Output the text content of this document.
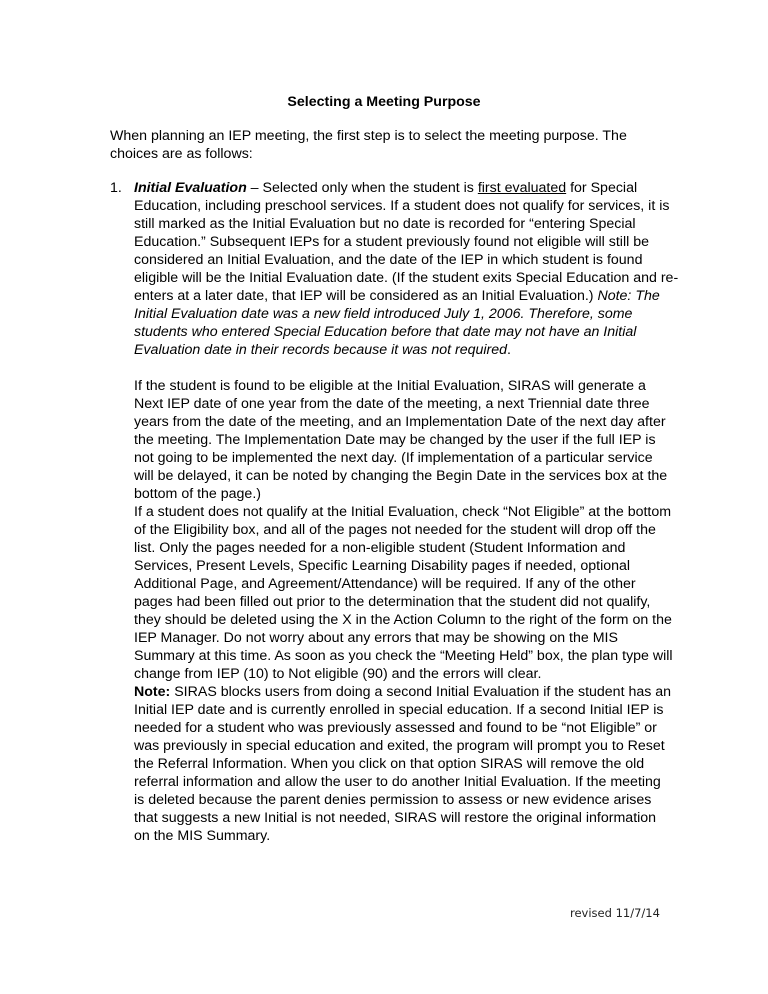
Selecting a Meeting Purpose

When planning an IEP meeting, the first step is to select the meeting purpose. The choices are as follows:

1. Initial Evaluation – Selected only when the student is first evaluated for Special Education, including preschool services. If a student does not qualify for services, it is still marked as the Initial Evaluation but no date is recorded for “entering Special Education.” Subsequent IEPs for a student previously found not eligible will still be considered an Initial Evaluation, and the date of the IEP in which student is found eligible will be the Initial Evaluation date. (If the student exits Special Education and re-enters at a later date, that IEP will be considered as an Initial Evaluation.) Note: The Initial Evaluation date was a new field introduced July 1, 2006. Therefore, some students who entered Special Education before that date may not have an Initial Evaluation date in their records because it was not required.

If the student is found to be eligible at the Initial Evaluation, SIRAS will generate a Next IEP date of one year from the date of the meeting, a next Triennial date three years from the date of the meeting, and an Implementation Date of the next day after the meeting. The Implementation Date may be changed by the user if the full IEP is not going to be implemented the next day. (If implementation of a particular service will be delayed, it can be noted by changing the Begin Date in the services box at the bottom of the page.)

If a student does not qualify at the Initial Evaluation, check “Not Eligible” at the bottom of the Eligibility box, and all of the pages not needed for the student will drop off the list. Only the pages needed for a non-eligible student (Student Information and Services, Present Levels, Specific Learning Disability pages if needed, optional Additional Page, and Agreement/Attendance) will be required. If any of the other pages had been filled out prior to the determination that the student did not qualify, they should be deleted using the X in the Action Column to the right of the form on the IEP Manager. Do not worry about any errors that may be showing on the MIS Summary at this time. As soon as you check the “Meeting Held” box, the plan type will change from IEP (10) to Not eligible (90) and the errors will clear.

Note: SIRAS blocks users from doing a second Initial Evaluation if the student has an Initial IEP date and is currently enrolled in special education. If a second Initial IEP is needed for a student who was previously assessed and found to be “not Eligible” or was previously in special education and exited, the program will prompt you to Reset the Referral Information. When you click on that option SIRAS will remove the old referral information and allow the user to do another Initial Evaluation. If the meeting is deleted because the parent denies permission to assess or new evidence arises that suggests a new Initial is not needed, SIRAS will restore the original information on the MIS Summary.

revised 11/7/14
